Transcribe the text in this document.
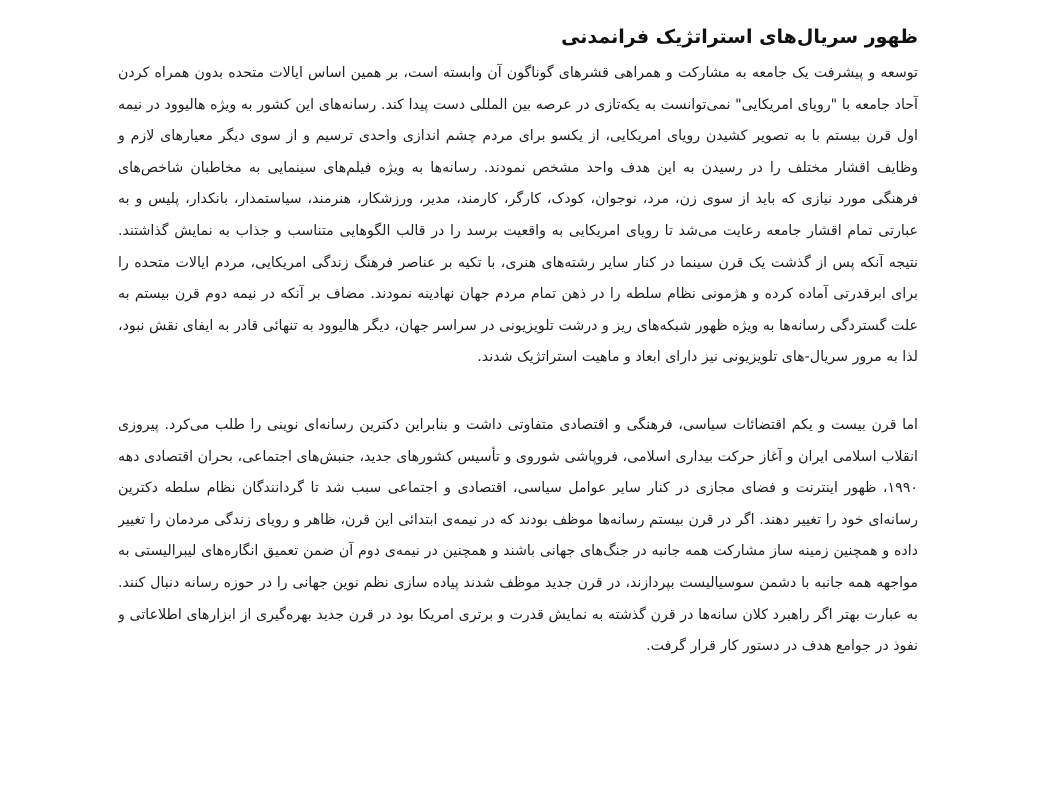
ظهور سریال‌های استراتژیک فرانمدنی

توسعه و پیشرفت یک جامعه به مشارکت و همراهی قشرهای گوناگون آن وابسته است، بر همین اساس ایالات متحده بدون همراه کردن آحاد جامعه با "رویای امریکایی" نمی‌توانست به یکه‌تازی در عرصه بین المللی دست پیدا کند. رسانه‌های این کشور به ویژه هالیوود در نیمه اول قرن بیستم با به تصویر کشیدن رویای امریکایی، از یکسو برای مردم چشم اندازی واحدی ترسیم و از سوی دیگر معیارهای لازم و وظایف اقشار مختلف را در رسیدن به این هدف واحد مشخص نمودند. رسانه‌ها به ویژه فیلم‌های سینمایی به مخاطبان شاخص‌های فرهنگی مورد نیازی که باید از سوی زن، مرد، نوجوان، کودک، کارگر، کارمند، مدیر، ورزشکار، هنرمند، سیاستمدار، بانکدار، پلیس و به عبارتی تمام اقشار جامعه رعایت می‌شد تا رویای امریکایی به واقعیت برسد را در قالب الگوهایی متناسب و جذاب به نمایش گذاشتند. نتیجه آنکه پس از گذشت یک قرن سینما در کنار سایر رشته‌های هنری، با تکیه بر عناصر فرهنگ زندگی امریکایی، مردم ایالات متحده را برای ابرقدرتی آماده کرده و هژمونی نظام سلطه را در ذهن تمام مردم جهان نهادینه نمودند. مضاف بر آنکه در نیمه دوم قرن بیستم به علت گستردگی رسانه‌ها به ویژه ظهور شبکه‌های ریز و درشت تلویزیونی در سراسر جهان، دیگر هالیوود به تنهائی قادر به ایفای نقش نبود، لذا به مرور سریال-های تلویزیونی نیز دارای ابعاد و ماهیت استراتژیک شدند.

اما قرن بیست و یکم اقتضائات سیاسی، فرهنگی و اقتصادی متفاوتی داشت و بنابراین دکترین رسانه‌ای نوینی را طلب می‌کرد. پیروزی انقلاب اسلامی ایران و آغاز حرکت بیداری اسلامی، فروپاشی شوروی و تأسیس کشورهای جدید، جنبش‌های اجتماعی، بحران اقتصادی دهه ۱۹۹۰، ظهور اینترنت و فضای مجازی در کنار سایر عوامل سیاسی، اقتصادی و اجتماعی سبب شد تا گردانندگان نظام سلطه دکترین رسانه‌ای خود را تغییر دهند. اگر در قرن بیستم رسانه‌ها موظف بودند که در نیمه‌ی ابتدائی این قرن، ظاهر و رویای زندگی مردمان را تغییر داده و همچنین زمینه ساز مشارکت همه جانبه در جنگ‌های جهانی باشند و همچنین در نیمه‌ی دوم آن ضمن تعمیق انگاره‌های لیبرالیستی به مواجهه همه جانبه با دشمن سوسیالیست بپردازند، در قرن جدید موظف شدند پیاده سازی نظم نوین جهانی را در حوزه رسانه دنبال کنند. به عبارت بهتر اگر راهبرد کلان سانه‌ها در قرن گذشته به نمایش قدرت و برتری امریکا بود در قرن جدید بهره‌گیری از ابزارهای اطلاعاتی و نفوذ در جوامع هدف در دستور کار قرار گرفت.
